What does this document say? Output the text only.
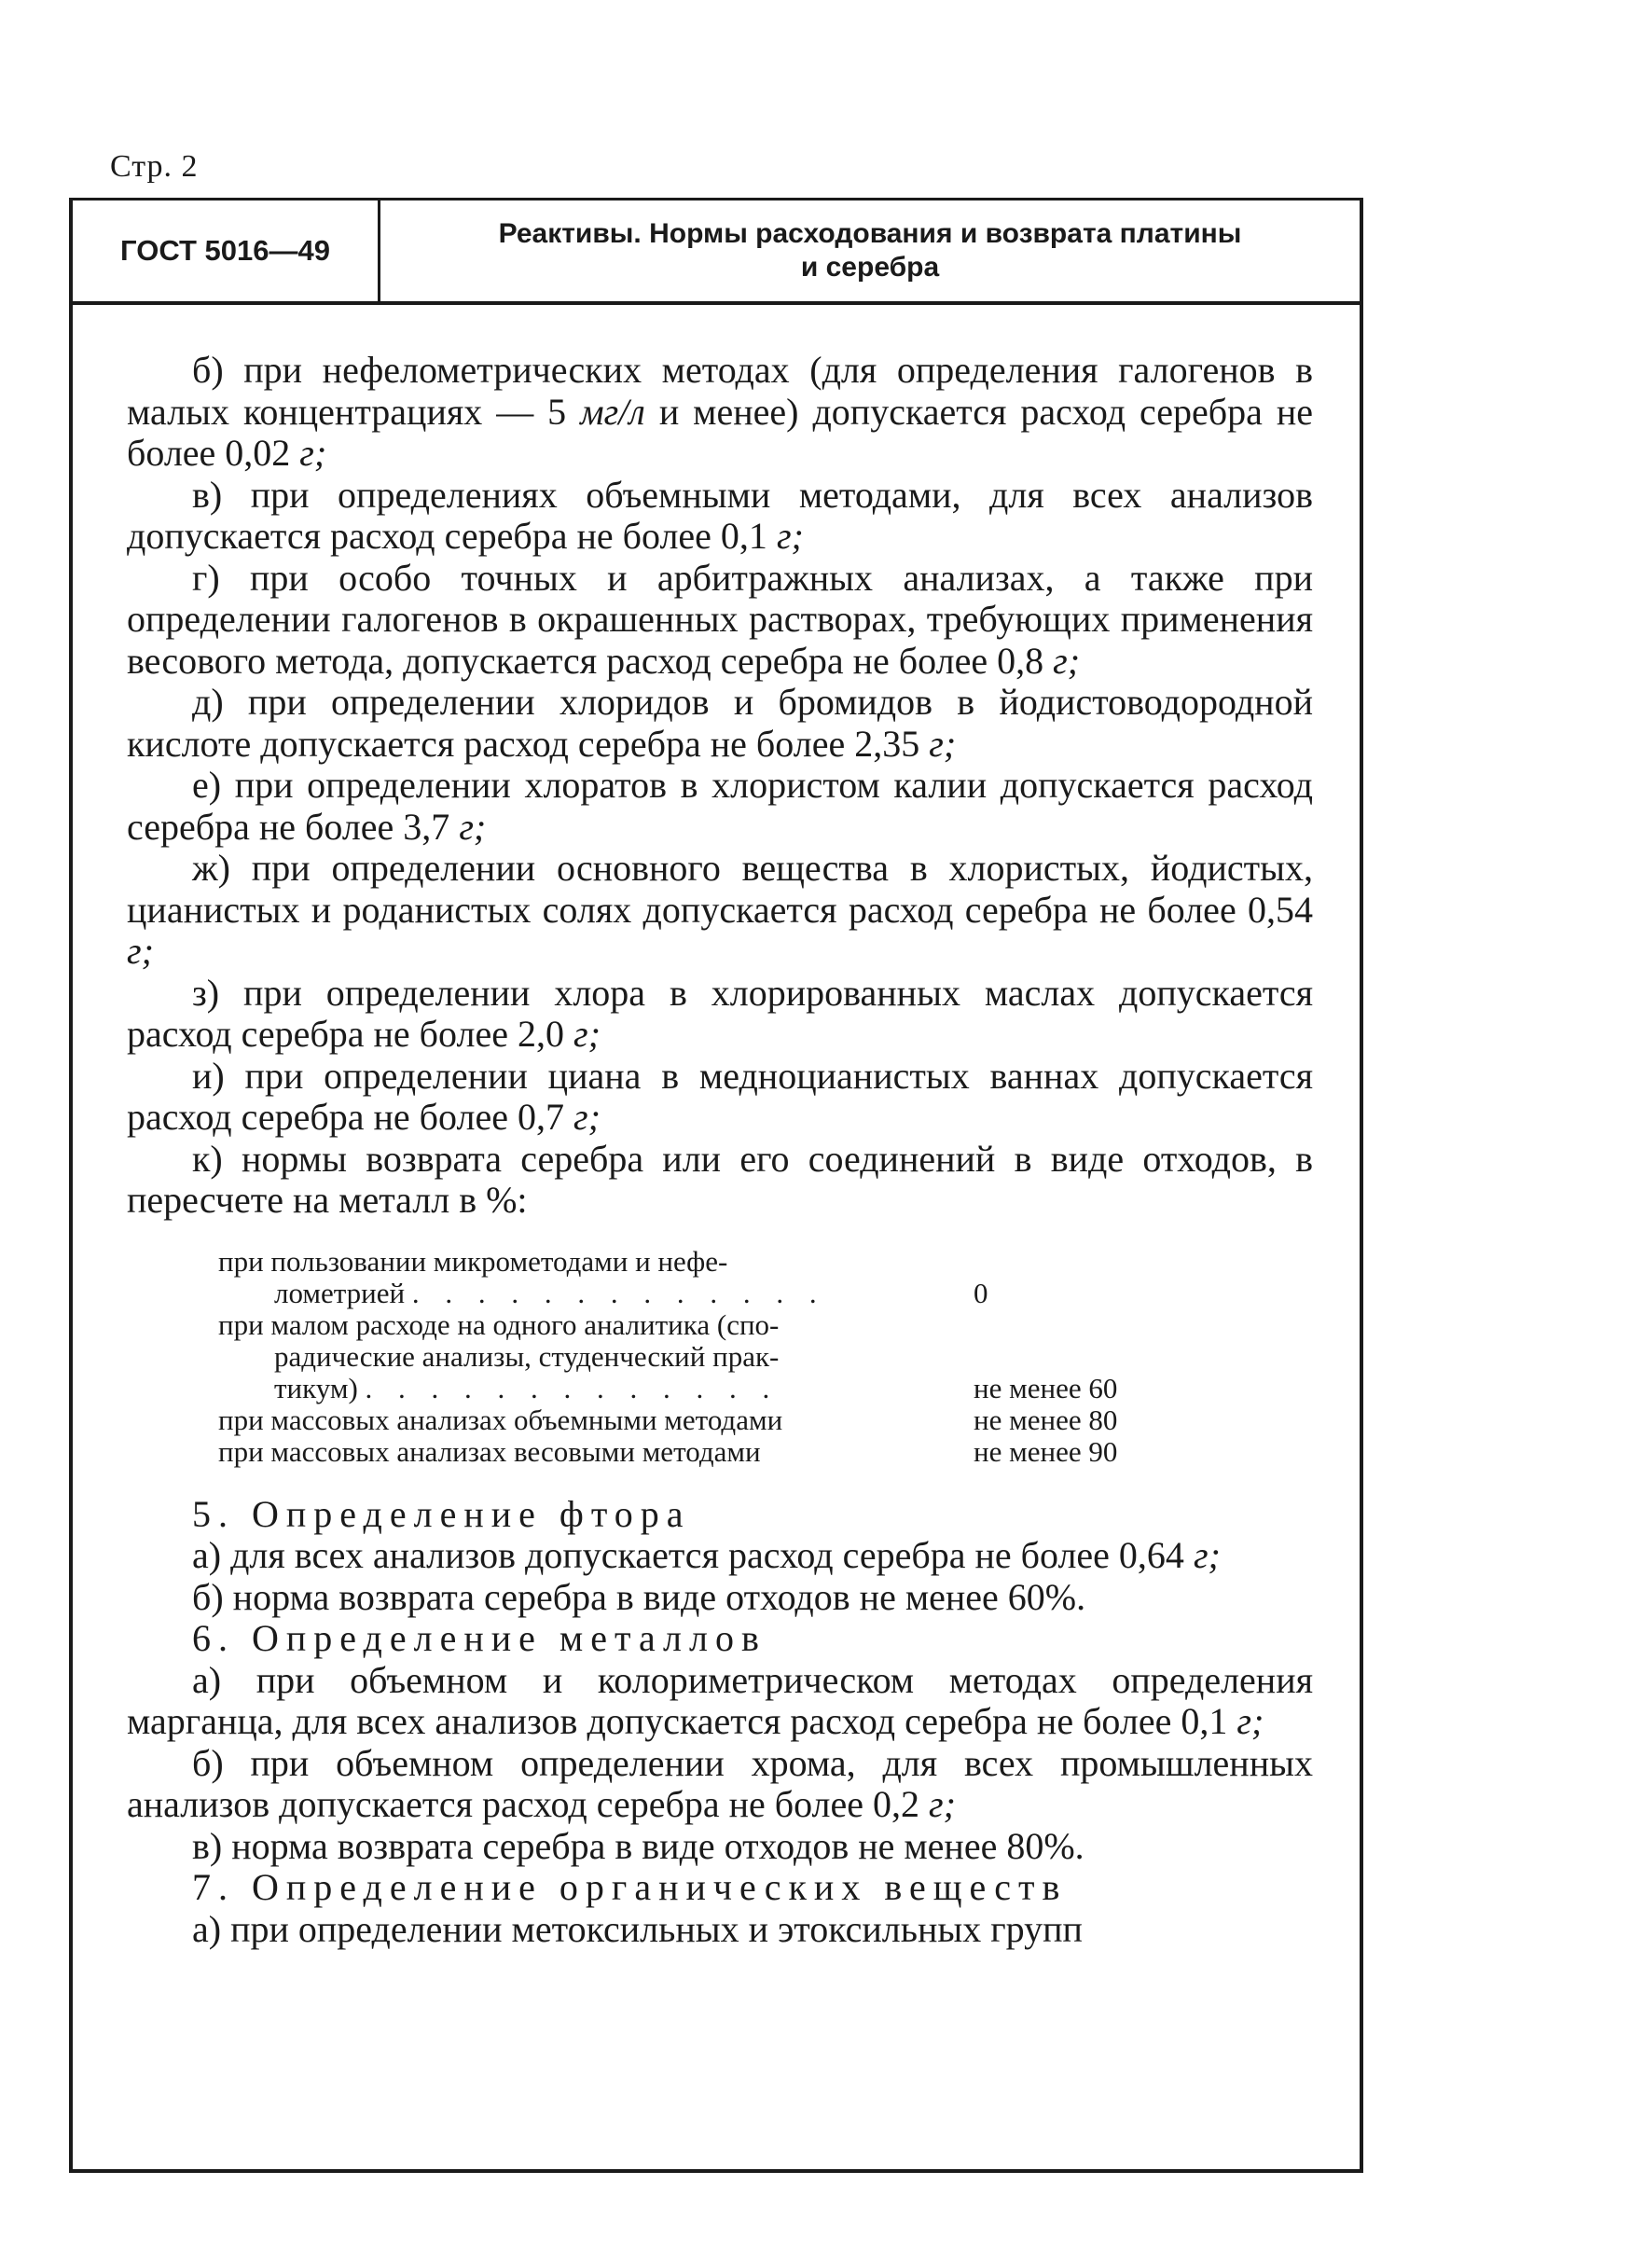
Стр. 2
ГОСТ 5016—49
Реактивы. Нормы расходования и возврата платины
и серебра

б) при нефелометрических методах (для определения галогенов в малых концентрациях — 5 мг/л и менее) допускается расход серебра не более 0,02 г;

в) при определениях объемными методами, для всех анализов допускается расход серебра не более 0,1 г;

г) при особо точных и арбитражных анализах, а также при определении галогенов в окрашенных растворах, требующих применения весового метода, допускается расход серебра не более 0,8 г;

д) при определении хлоридов и бромидов в йодистоводородной кислоте допускается расход серебра не более 2,35 г;

е) при определении хлоратов в хлористом калии допускается расход серебра не более 3,7 г;

ж) при определении основного вещества в хлористых, йодистых, цианистых и роданистых солях допускается расход серебра не более 0,54 г;

з) при определении хлора в хлорированных маслах допускается расход серебра не более 2,0 г;

и) при определении циана в медноцианистых ваннах допускается расход серебра не более 0,7 г;

к) нормы возврата серебра или его соединений в виде отходов, в пересчете на металл в %:

при пользовании микрометодами и нефе-
лометрией . . . . . . . . . . . . .	0
при малом расходе на одного аналитика (спо-
радические анализы, студенческий прак-
тикум) . . . . . . . . . . . . .	не менее 60
при массовых анализах объемными методами	не менее 80
при массовых анализах весовыми методами	не менее 90

5. Определение фтора

а) для всех анализов допускается расход серебра не более 0,64 г;

б) норма возврата серебра в виде отходов не менее 60%.

6. Определение металлов

а) при объемном и колориметрическом методах определения марганца, для всех анализов допускается расход серебра не более 0,1 г;

б) при объемном определении хрома, для всех промышленных анализов допускается расход серебра не более 0,2 г;

в) норма возврата серебра в виде отходов не менее 80%.

7. Определение органических веществ

а) при определении метоксильных и этоксильных групп
